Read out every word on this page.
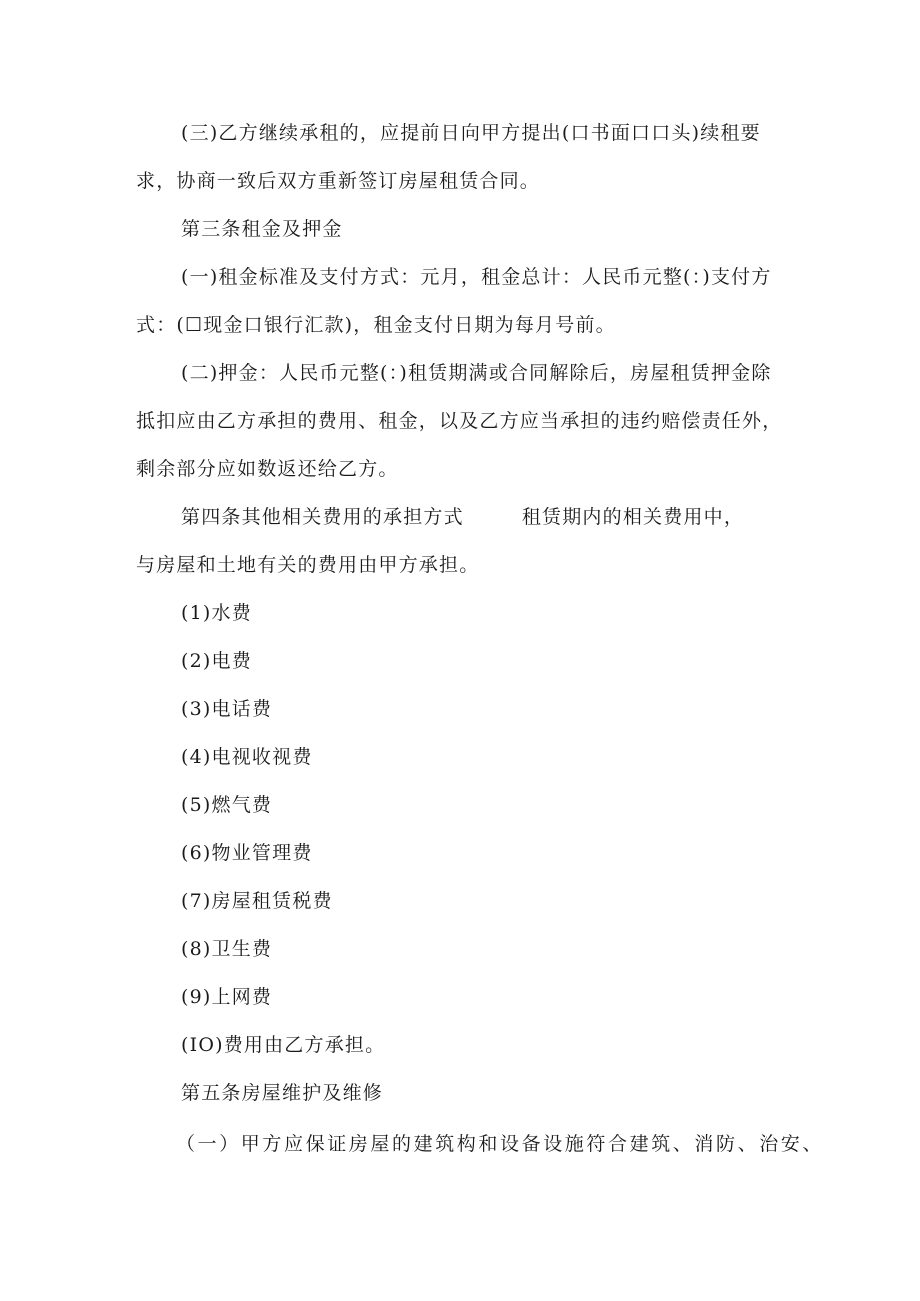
(三)乙方继续承租的，应提前日向甲方提出(口书面口口头)续租要
求，协商一致后双方重新签订房屋租赁合同。
第三条租金及押金
(一)租金标准及支付方式：元月，租金总计：人民币元整(：)支付方
式：(☐现金口银行汇款)，租金支付日期为每月号前。
(二)押金：人民币元整(：)租赁期满或合同解除后，房屋租赁押金除
抵扣应由乙方承担的费用、租金，以及乙方应当承担的违约赔偿责任外，
剩余部分应如数返还给乙方。
第四条其他相关费用的承担方式	租赁期内的相关费用中，
与房屋和土地有关的费用由甲方承担。
(1)水费
(2)电费
(3)电话费
(4)电视收视费
(5)燃气费
(6)物业管理费
(7)房屋租赁税费
(8)卫生费
(9)上网费
(IO)费用由乙方承担。
第五条房屋维护及维修
（一）甲方应保证房屋的建筑构和设备设施符合建筑、消防、治安、
